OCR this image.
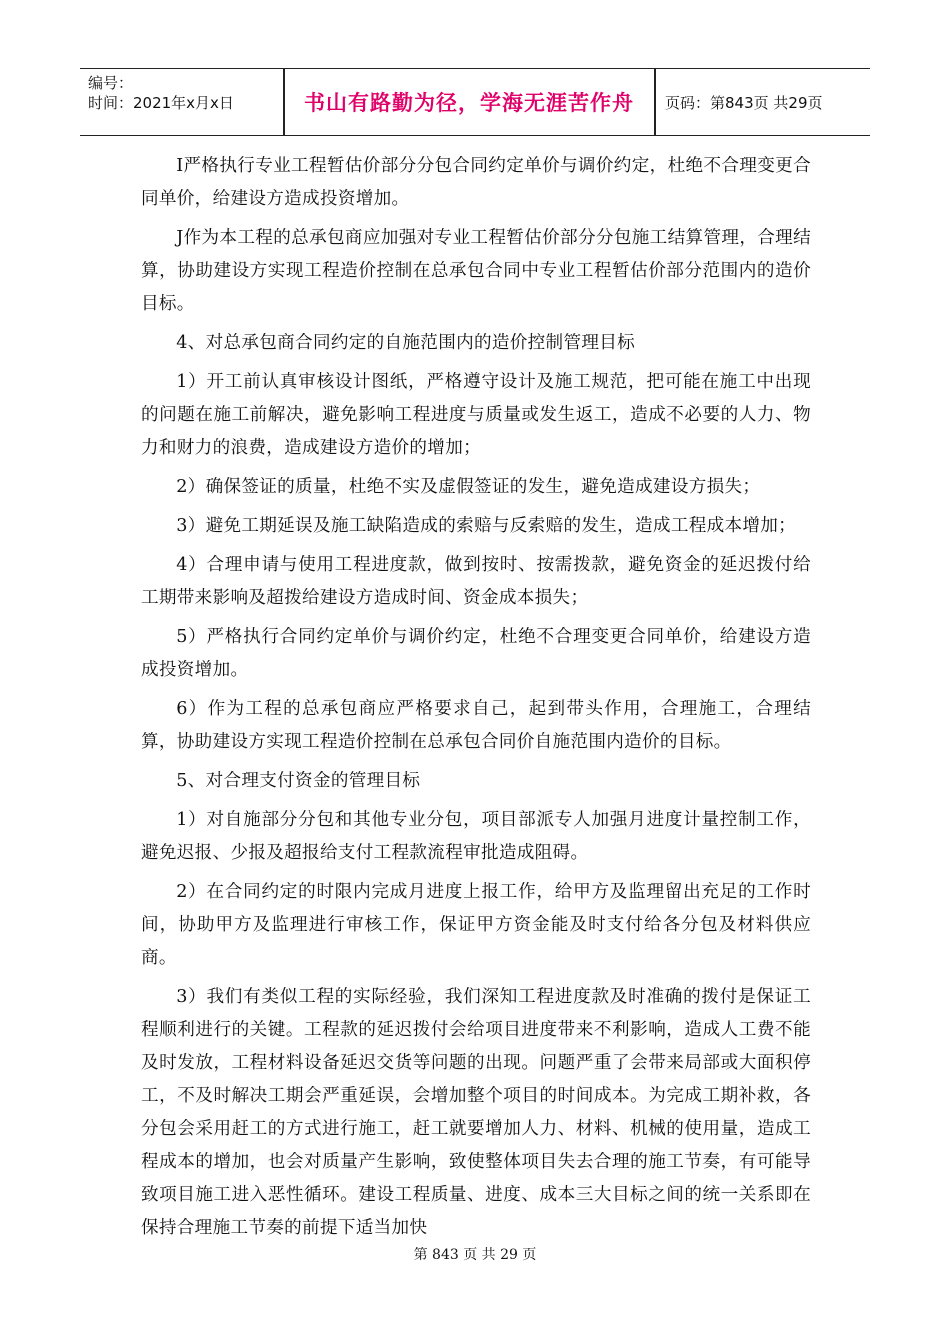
编号：
时间：2021年x月x日	书山有路勤为径，学海无涯苦作舟	页码：第843页 共29页

I严格执行专业工程暂估价部分分包合同约定单价与调价约定，杜绝不合理变更合同单价，给建设方造成投资增加。

J作为本工程的总承包商应加强对专业工程暂估价部分分包施工结算管理，合理结算，协助建设方实现工程造价控制在总承包合同中专业工程暂估价部分范围内的造价目标。

4、对总承包商合同约定的自施范围内的造价控制管理目标

1）开工前认真审核设计图纸，严格遵守设计及施工规范，把可能在施工中出现的问题在施工前解决，避免影响工程进度与质量或发生返工，造成不必要的人力、物力和财力的浪费，造成建设方造价的增加；

2）确保签证的质量，杜绝不实及虚假签证的发生，避免造成建设方损失；

3）避免工期延误及施工缺陷造成的索赔与反索赔的发生，造成工程成本增加；

4）合理申请与使用工程进度款，做到按时、按需拨款，避免资金的延迟拨付给工期带来影响及超拨给建设方造成时间、资金成本损失；

5）严格执行合同约定单价与调价约定，杜绝不合理变更合同单价，给建设方造成投资增加。

6）作为工程的总承包商应严格要求自己，起到带头作用，合理施工，合理结算，协助建设方实现工程造价控制在总承包合同价自施范围内造价的目标。

5、对合理支付资金的管理目标

1）对自施部分分包和其他专业分包，项目部派专人加强月进度计量控制工作，避免迟报、少报及超报给支付工程款流程审批造成阻碍。

2）在合同约定的时限内完成月进度上报工作，给甲方及监理留出充足的工作时间，协助甲方及监理进行审核工作，保证甲方资金能及时支付给各分包及材料供应商。

3）我们有类似工程的实际经验，我们深知工程进度款及时准确的拨付是保证工程顺利进行的关键。工程款的延迟拨付会给项目进度带来不利影响，造成人工费不能及时发放，工程材料设备延迟交货等问题的出现。问题严重了会带来局部或大面积停工，不及时解决工期会严重延误，会增加整个项目的时间成本。为完成工期补救，各分包会采用赶工的方式进行施工，赶工就要增加人力、材料、机械的使用量，造成工程成本的增加，也会对质量产生影响，致使整体项目失去合理的施工节奏，有可能导致项目施工进入恶性循环。建设工程质量、进度、成本三大目标之间的统一关系即在保持合理施工节奏的前提下适当加快

第 843 页 共 29 页
